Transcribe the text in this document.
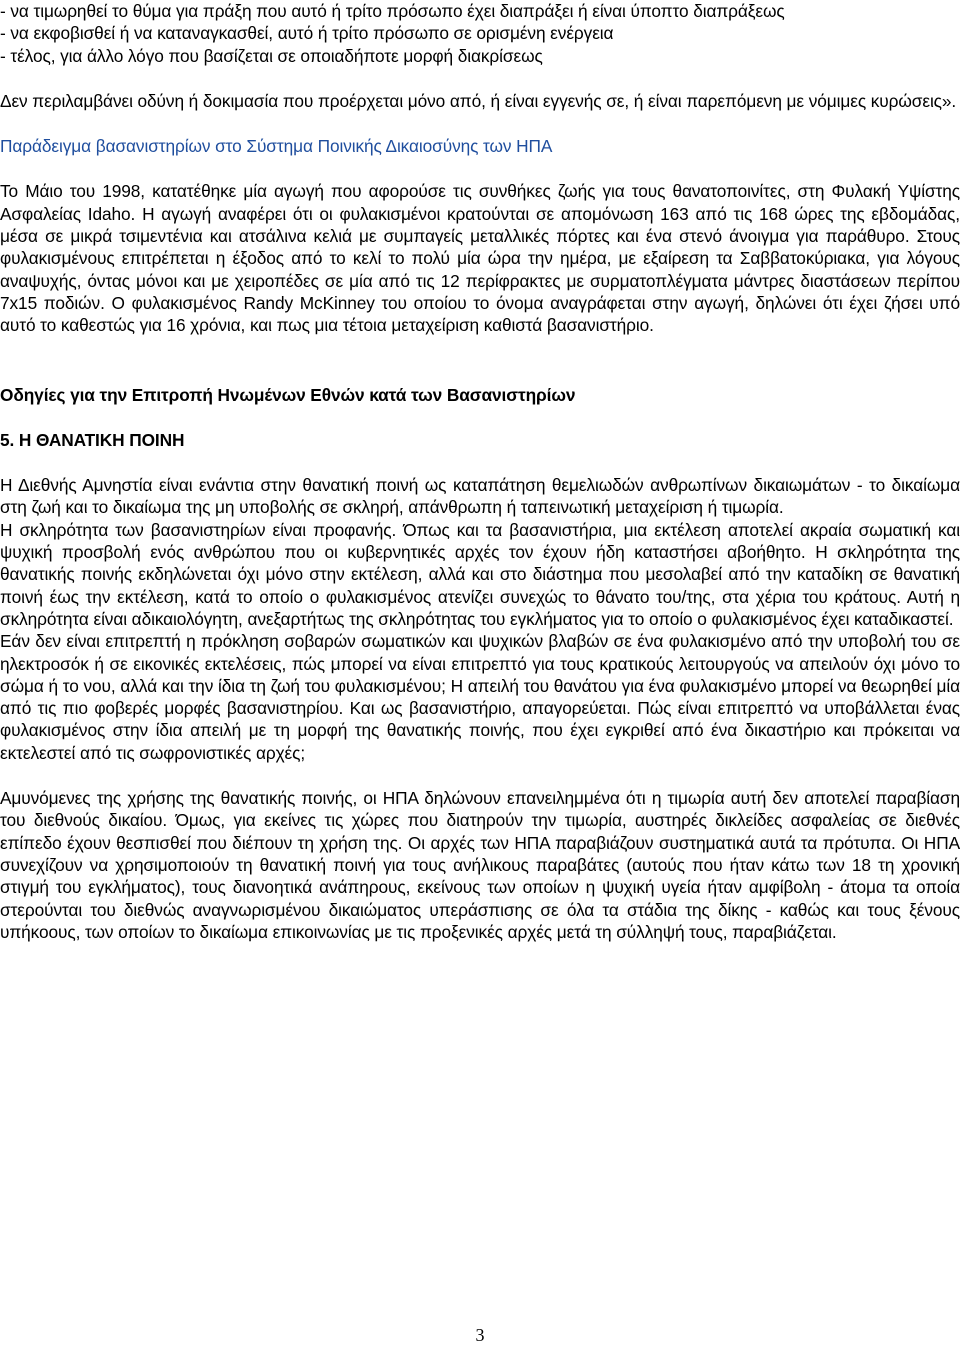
- να τιμωρηθεί το θύμα για πράξη που αυτό ή τρίτο πρόσωπο έχει διαπράξει ή είναι ύποπτο διαπράξεως

- να εκφοβισθεί ή να καταναγκασθεί, αυτό ή τρίτο πρόσωπο σε ορισμένη ενέργεια

- τέλος, για άλλο λόγο που βασίζεται σε οποιαδήποτε μορφή διακρίσεως

Δεν περιλαμβάνει οδύνη ή δοκιμασία που προέρχεται μόνο από, ή είναι εγγενής σε, ή είναι παρεπόμενη με νόμιμες κυρώσεις».

Παράδειγμα βασανιστηρίων στο Σύστημα Ποινικής Δικαιοσύνης των ΗΠΑ

Το Μάιο του 1998, κατατέθηκε μία αγωγή που αφορούσε τις συνθήκες ζωής για τους θανατοποινίτες, στη Φυλακή Υψίστης Ασφαλείας Idaho. Η αγωγή αναφέρει ότι οι φυλακισμένοι κρατούνται σε απομόνωση 163 από τις 168 ώρες της εβδομάδας, μέσα σε μικρά τσιμεντένια και ατσάλινα κελιά με συμπαγείς μεταλλικές πόρτες και ένα στενό άνοιγμα για παράθυρο. Στους φυλακισμένους επιτρέπεται η έξοδος από το κελί το πολύ μία ώρα την ημέρα, με εξαίρεση τα Σαββατοκύριακα, για λόγους αναψυχής, όντας μόνοι και με χειροπέδες σε μία από τις 12 περίφρακτες με συρματοπλέγματα μάντρες διαστάσεων περίπου 7x15 ποδιών. Ο φυλακισμένος Randy McKinney του οποίου το όνομα αναγράφεται στην αγωγή, δηλώνει ότι έχει ζήσει υπό αυτό το καθεστώς για 16 χρόνια, και πως μια τέτοια μεταχείριση καθιστά βασανιστήριο.

Οδηγίες για την Επιτροπή Ηνωμένων Εθνών κατά των Βασανιστηρίων

5. Η ΘΑΝΑΤΙΚΗ ΠΟΙΝΗ

Η Διεθνής Αμνηστία είναι ενάντια στην θανατική ποινή ως καταπάτηση θεμελιωδών ανθρωπίνων δικαιωμάτων - το δικαίωμα στη ζωή και το δικαίωμα της μη υποβολής σε σκληρή, απάνθρωπη ή ταπεινωτική μεταχείριση ή τιμωρία.

Η σκληρότητα των βασανιστηρίων είναι προφανής. Όπως και τα βασανιστήρια, μια εκτέλεση αποτελεί ακραία σωματική και ψυχική προσβολή ενός ανθρώπου που οι κυβερνητικές αρχές τον έχουν ήδη καταστήσει αβοήθητο. Η σκληρότητα της θανατικής ποινής εκδηλώνεται όχι μόνο στην εκτέλεση, αλλά και στο διάστημα που μεσολαβεί από την καταδίκη σε θανατική ποινή έως την εκτέλεση, κατά το οποίο ο φυλακισμένος ατενίζει συνεχώς το θάνατο του/της, στα χέρια του κράτους. Αυτή η σκληρότητα είναι αδικαιολόγητη, ανεξαρτήτως της σκληρότητας του εγκλήματος για το οποίο ο φυλακισμένος έχει καταδικαστεί.

Εάν δεν είναι επιτρεπτή η πρόκληση σοβαρών σωματικών και ψυχικών βλαβών σε ένα φυλακισμένο από την υποβολή του σε ηλεκτροσόκ ή σε εικονικές εκτελέσεις, πώς μπορεί να είναι επιτρεπτό για τους κρατικούς λειτουργούς να απειλούν όχι μόνο το σώμα ή το νου, αλλά και την ίδια τη ζωή του φυλακισμένου; Η απειλή του θανάτου για ένα φυλακισμένο μπορεί να θεωρηθεί μία από τις πιο φοβερές μορφές βασανιστηρίου. Και ως βασανιστήριο, απαγορεύεται. Πώς είναι επιτρεπτό να υποβάλλεται ένας φυλακισμένος στην ίδια απειλή με τη μορφή της θανατικής ποινής, που έχει εγκριθεί από ένα δικαστήριο και πρόκειται να εκτελεστεί από τις σωφρονιστικές αρχές;

Αμυνόμενες της χρήσης της θανατικής ποινής, οι ΗΠΑ δηλώνουν επανειλημμένα ότι η τιμωρία αυτή δεν αποτελεί παραβίαση του διεθνούς δικαίου. Όμως, για εκείνες τις χώρες που διατηρούν την τιμωρία, αυστηρές δικλείδες ασφαλείας σε διεθνές επίπεδο έχουν θεσπισθεί που διέπουν τη χρήση της. Οι αρχές των ΗΠΑ παραβιάζουν συστηματικά αυτά τα πρότυπα. Οι ΗΠΑ συνεχίζουν να χρησιμοποιούν τη θανατική ποινή για τους ανήλικους παραβάτες (αυτούς που ήταν κάτω των 18 τη χρονική στιγμή του εγκλήματος), τους διανοητικά ανάπηρους, εκείνους των οποίων η ψυχική υγεία ήταν αμφίβολη - άτομα τα οποία στερούνται του διεθνώς αναγνωρισμένου δικαιώματος υπεράσπισης σε όλα τα στάδια της δίκης - καθώς και τους ξένους υπήκοους, των οποίων το δικαίωμα επικοινωνίας με τις προξενικές αρχές μετά τη σύλληψή τους, παραβιάζεται.

3
